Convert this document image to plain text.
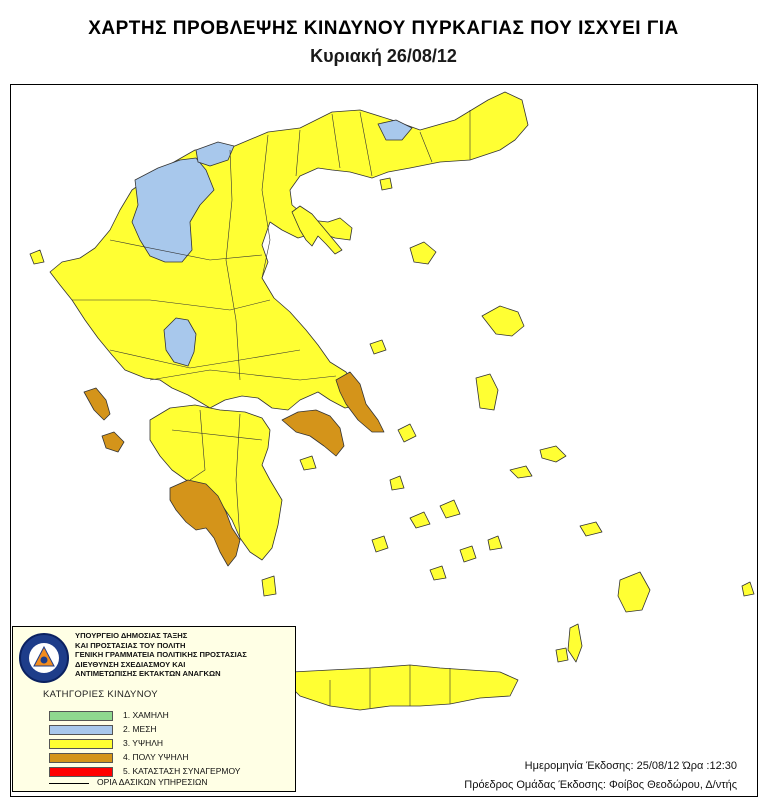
ΧΑΡΤΗΣ ΠΡΟΒΛΕΨΗΣ ΚΙΝΔΥΝΟΥ ΠΥΡΚΑΓΙΑΣ ΠΟΥ ΙΣΧΥΕΙ ΓΙΑ
Κυριακή 26/08/12
ΥΠΟΥΡΓΕΙΟ ΔΗΜΟΣΙΑΣ ΤΑΞΗΣ
ΚΑΙ ΠΡΟΣΤΑΣΙΑΣ ΤΟΥ ΠΟΛΙΤΗ
ΓΕΝΙΚΗ ΓΡΑΜΜΑΤΕΙΑ ΠΟΛΙΤΙΚΗΣ ΠΡΟΣΤΑΣΙΑΣ
ΔΙΕΥΘΥΝΣΗ ΣΧΕΔΙΑΣΜΟΥ ΚΑΙ
ΑΝΤΙΜΕΤΩΠΙΣΗΣ ΕΚΤΑΚΤΩΝ ΑΝΑΓΚΩΝ
ΚΑΤΗΓΟΡΙΕΣ ΚΙΝΔΥΝΟΥ
1. ΧΑΜΗΛΗ
2. ΜΕΣΗ
3. ΥΨΗΛΗ
4. ΠΟΛΥ ΥΨΗΛΗ
5. ΚΑΤΑΣΤΑΣΗ ΣΥΝΑΓΕΡΜΟΥ
ΟΡΙΑ ΔΑΣΙΚΩΝ ΥΠΗΡΕΣΙΩΝ
Ημερομηνία Έκδοσης: 25/08/12 Ώρα :12:30
Πρόεδρος Ομάδας Έκδοσης: Φοίβος Θεοδώρου, Δ/ντής
